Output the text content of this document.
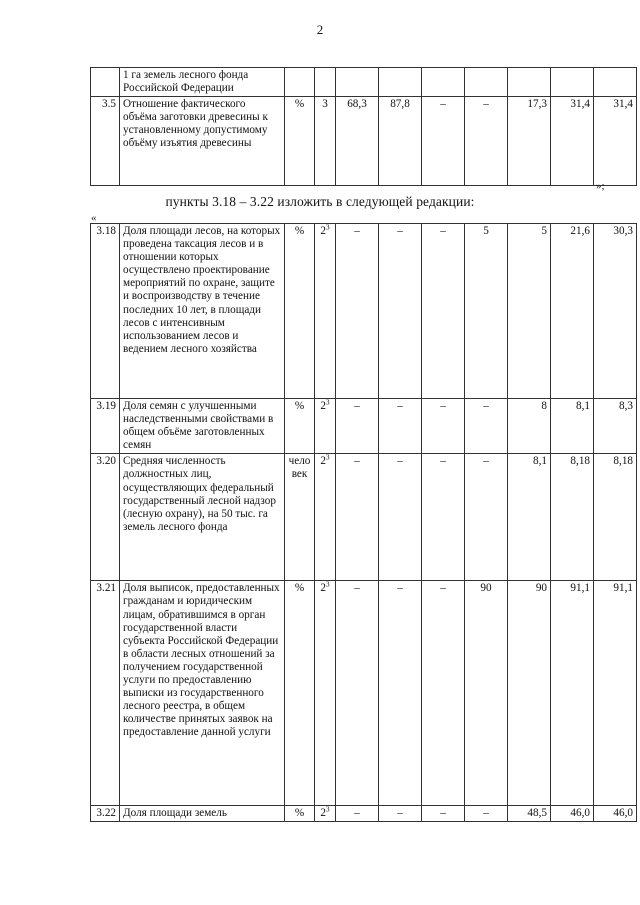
2
	1 га земель лесного фонда Российской Федерации									
3.5	Отношение фактического объёма заготовки древесины к установленному допустимому объёму изъятия древесины	%	3	68,3	87,8	–	–	17,3	31,4	31,4
»;
пункты 3.18 – 3.22 изложить в следующей редакции:
«
3.18	Доля площади лесов, на которых проведена таксация лесов и в отношении которых осуществлено проектирование мероприятий по охране, защите и воспроизводству в течение последних 10 лет, в площади лесов с интенсивным использованием лесов и ведением лесного хозяйства	%	$2^3$	–	–	–	5	5	21,6	30,3
3.19	Доля семян с улучшенными наследственными свойствами в общем объёме заготовленных семян	%	$2^3$	–	–	–	–	8	8,1	8,3
3.20	Средняя численность должностных лиц, осуществляющих федеральный государственный лесной надзор (лесную охрану), на 50 тыс. га земель лесного фонда	человек	$2^3$	–	–	–	–	8,1	8,18	8,18
3.21	Доля выписок, предоставленных гражданам и юридическим лицам, обратившимся в орган государственной власти субъекта Российской Федерации в области лесных отношений за получением государственной услуги по предоставлению выписки из государственного лесного реестра, в общем количестве принятых заявок на предоставление данной услуги	%	$2^3$	–	–	–	90	90	91,1	91,1
3.22	Доля площади земель	%	$2^3$	–	–	–	–	48,5	46,0	46,0
